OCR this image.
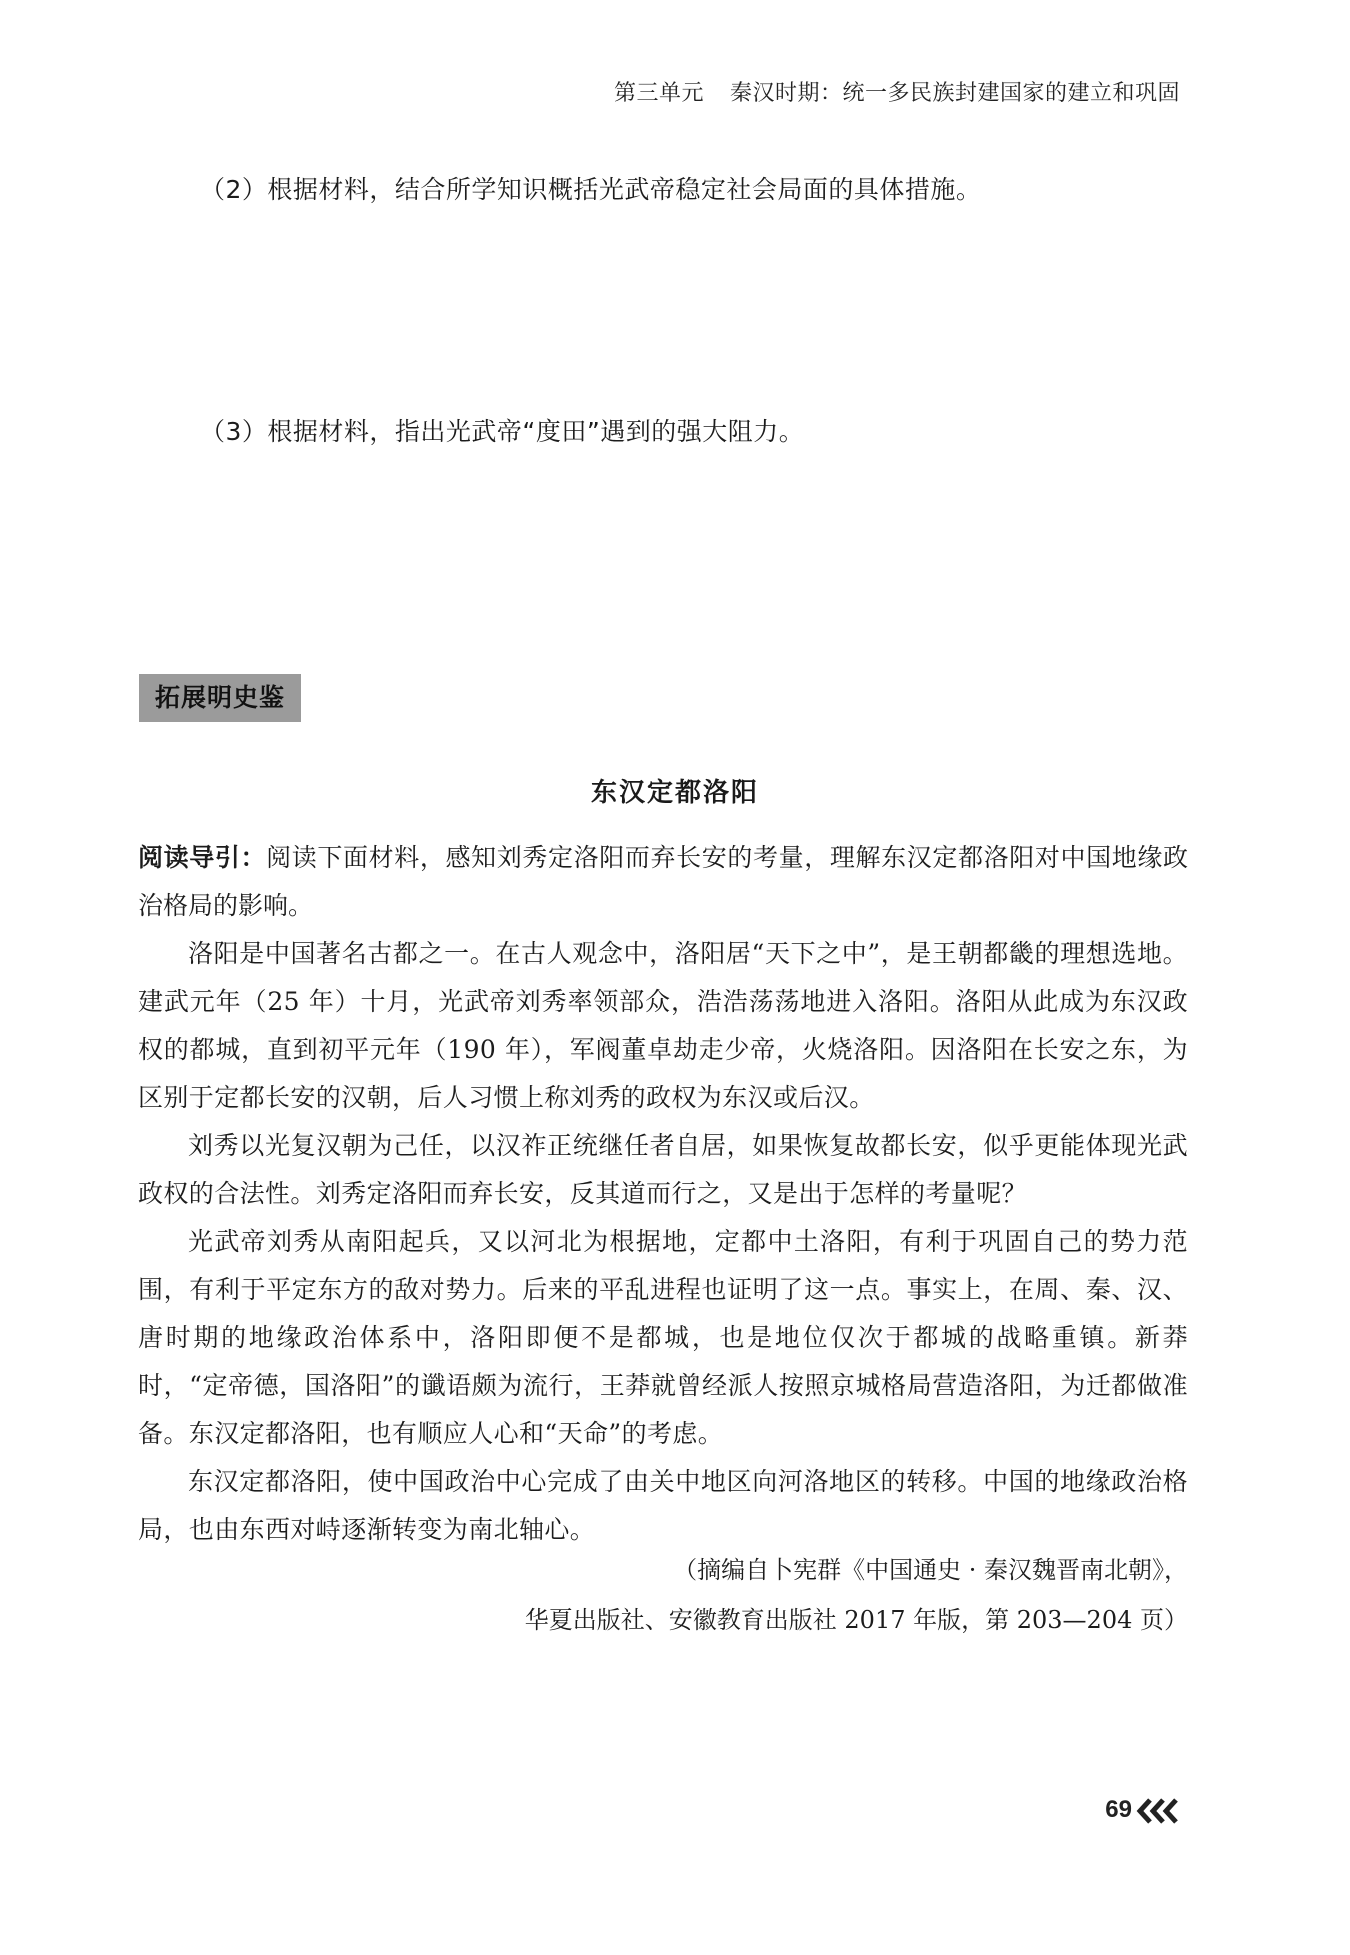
第三单元 秦汉时期：统一多民族封建国家的建立和巩固
（2）根据材料，结合所学知识概括光武帝稳定社会局面的具体措施。
（3）根据材料，指出光武帝“度田”遇到的强大阻力。
拓展明史鉴
东汉定都洛阳

阅读导引：阅读下面材料，感知刘秀定洛阳而弃长安的考量，理解东汉定都洛阳对中国地缘政治格局的影响。

洛阳是中国著名古都之一。在古人观念中，洛阳居“天下之中”，是王朝都畿的理想选地。建武元年（25 年）十月，光武帝刘秀率领部众，浩浩荡荡地进入洛阳。洛阳从此成为东汉政权的都城，直到初平元年（190 年），军阀董卓劫走少帝，火烧洛阳。因洛阳在长安之东，为区别于定都长安的汉朝，后人习惯上称刘秀的政权为东汉或后汉。

刘秀以光复汉朝为己任，以汉祚正统继任者自居，如果恢复故都长安，似乎更能体现光武政权的合法性。刘秀定洛阳而弃长安，反其道而行之，又是出于怎样的考量呢？

光武帝刘秀从南阳起兵，又以河北为根据地，定都中土洛阳，有利于巩固自己的势力范围，有利于平定东方的敌对势力。后来的平乱进程也证明了这一点。事实上，在周、秦、汉、唐时期的地缘政治体系中，洛阳即便不是都城，也是地位仅次于都城的战略重镇。新莽时，“定帝德，国洛阳”的谶语颇为流行，王莽就曾经派人按照京城格局营造洛阳，为迁都做准备。东汉定都洛阳，也有顺应人心和“天命”的考虑。

东汉定都洛阳，使中国政治中心完成了由关中地区向河洛地区的转移。中国的地缘政治格局，也由东西对峙逐渐转变为南北轴心。

（摘编自卜宪群《中国通史 · 秦汉魏晋南北朝》，
华夏出版社、安徽教育出版社 2017 年版，第 203—204 页）
69
